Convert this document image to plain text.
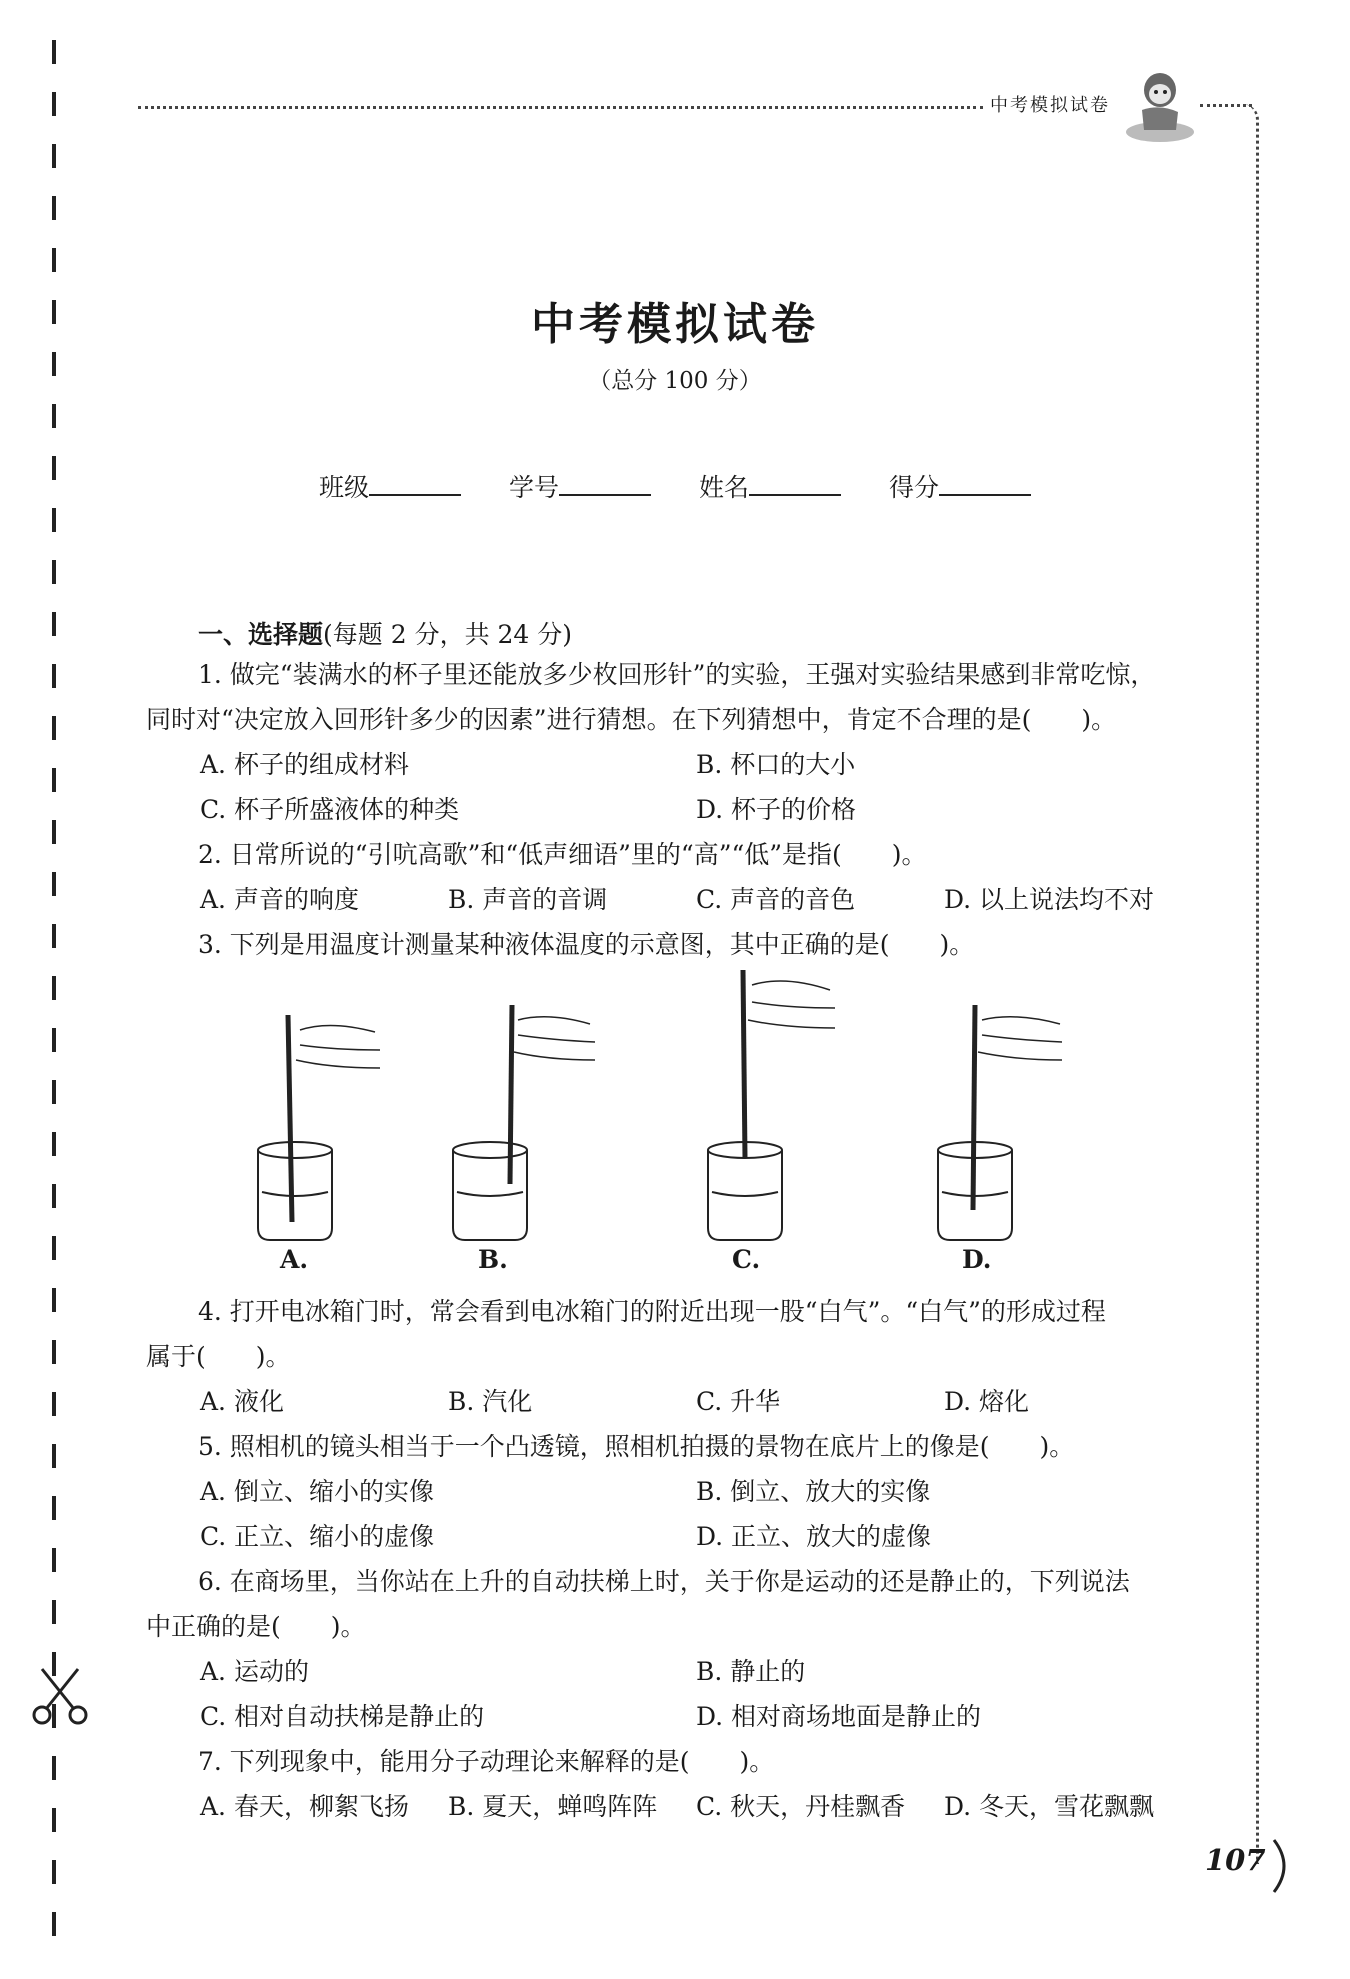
中考模拟试卷
中考模拟试卷
（总分 100 分）
班级	学号	姓名	得分
一、选择题(每题 2 分，共 24 分)
1. 做完“装满水的杯子里还能放多少枚回形针”的实验，王强对实验结果感到非常吃惊，
同时对“决定放入回形针多少的因素”进行猜想。在下列猜想中，肯定不合理的是(　　)。
A. 杯子的组成材料	B. 杯口的大小
C. 杯子所盛液体的种类	D. 杯子的价格
2. 日常所说的“引吭高歌”和“低声细语”里的“高”“低”是指(　　)。
A. 声音的响度	B. 声音的音调	C. 声音的音色	D. 以上说法均不对
3. 下列是用温度计测量某种液体温度的示意图，其中正确的是(　　)。
A.	B.	C.	D.
4. 打开电冰箱门时，常会看到电冰箱门的附近出现一股“白气”。“白气”的形成过程
属于(　　)。
A. 液化	B. 汽化	C. 升华	D. 熔化
5. 照相机的镜头相当于一个凸透镜，照相机拍摄的景物在底片上的像是(　　)。
A. 倒立、缩小的实像	B. 倒立、放大的实像
C. 正立、缩小的虚像	D. 正立、放大的虚像
6. 在商场里，当你站在上升的自动扶梯上时，关于你是运动的还是静止的，下列说法
中正确的是(　　)。
A. 运动的	B. 静止的
C. 相对自动扶梯是静止的	D. 相对商场地面是静止的
7. 下列现象中，能用分子动理论来解释的是(　　)。
A. 春天，柳絮飞扬 B. 夏天，蝉鸣阵阵 C. 秋天，丹桂飘香 D. 冬天，雪花飘飘
107
